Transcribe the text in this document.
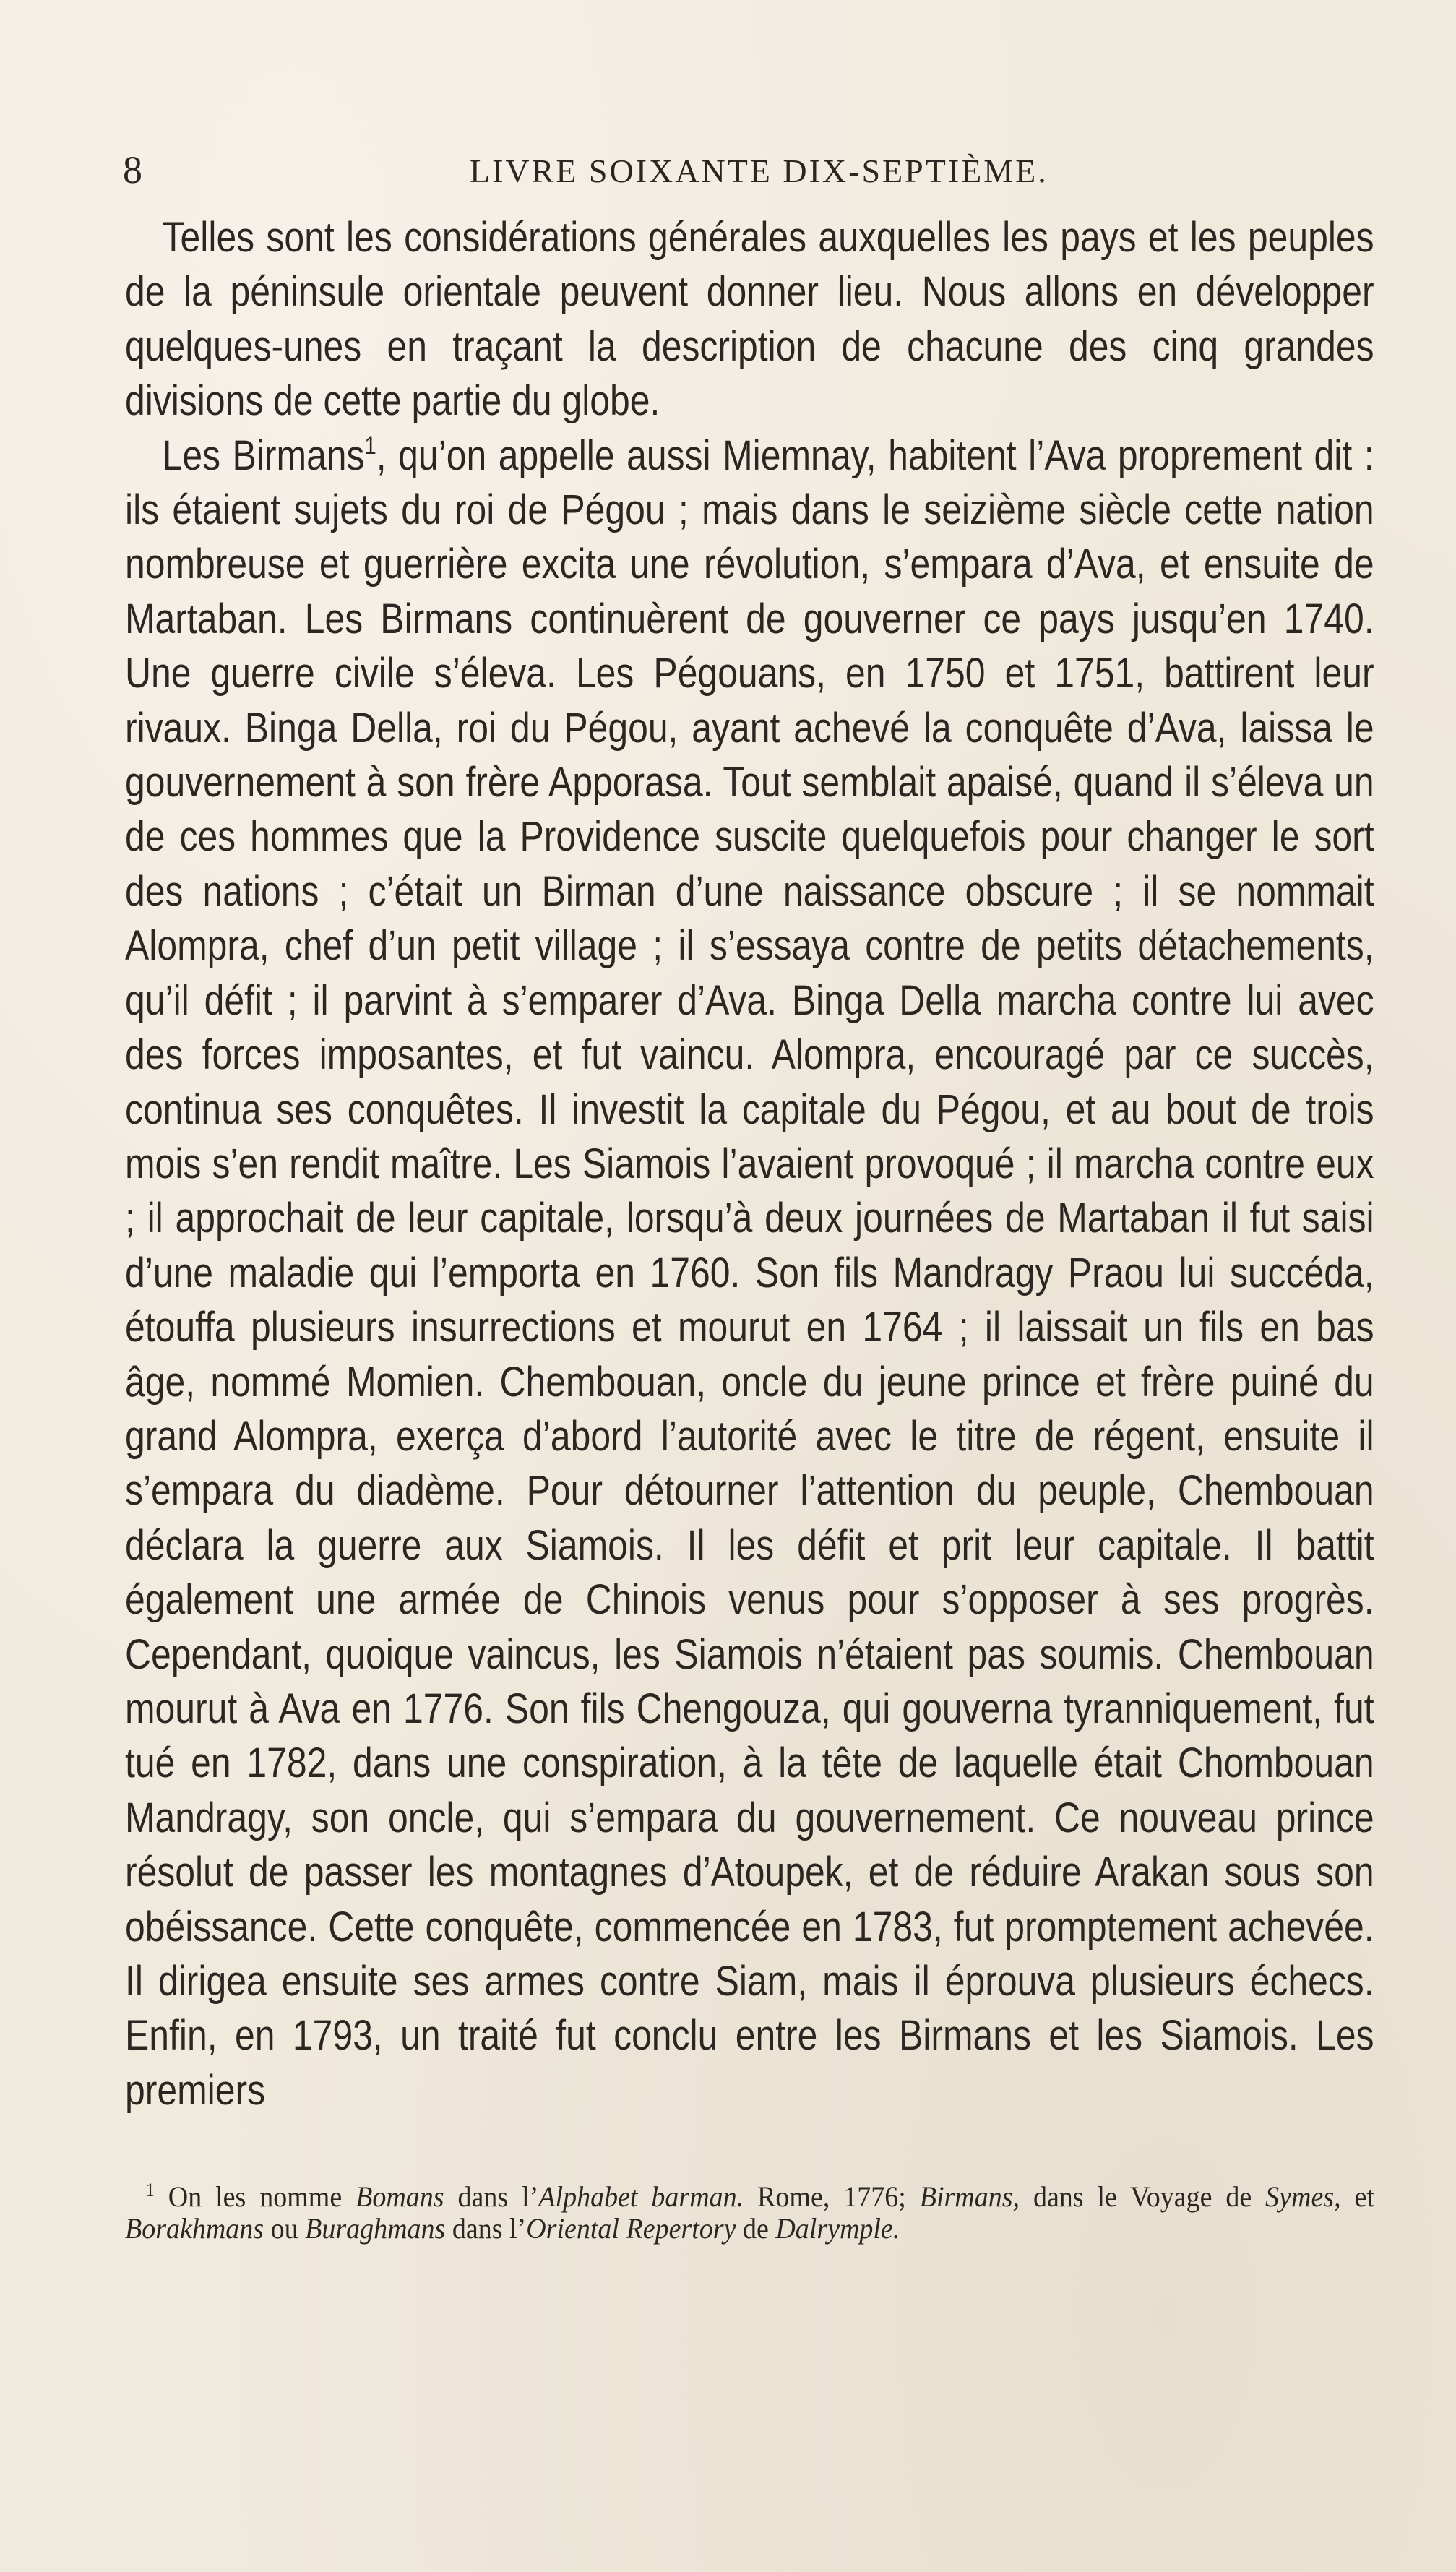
8	LIVRE SOIXANTE DIX-SEPTIÈME.

Telles sont les considérations générales auxquelles les pays et les peuples de la péninsule orientale peuvent donner lieu. Nous allons en développer quelques-unes en traçant la description de chacune des cinq grandes divisions de cette partie du globe.

Les Birmans$^1$, qu’on appelle aussi Miemnay, habitent l’Ava proprement dit : ils étaient sujets du roi de Pégou ; mais dans le seizième siècle cette nation nombreuse et guerrière excita une révolution, s’empara d’Ava, et ensuite de Martaban. Les Birmans continuèrent de gouverner ce pays jusqu’en 1740. Une guerre civile s’éleva. Les Pégouans, en 1750 et 1751, battirent leur rivaux. Binga Della, roi du Pégou, ayant achevé la conquête d’Ava, laissa le gouvernement à son frère Apporasa. Tout semblait apaisé, quand il s’éleva un de ces hommes que la Providence suscite quelquefois pour changer le sort des nations ; c’était un Birman d’une naissance obscure ; il se nommait Alompra, chef d’un petit village ; il s’essaya contre de petits détachements, qu’il défit ; il parvint à s’emparer d’Ava. Binga Della marcha contre lui avec des forces imposantes, et fut vaincu. Alompra, encouragé par ce succès, continua ses conquêtes. Il investit la capitale du Pégou, et au bout de trois mois s’en rendit maître. Les Siamois l’avaient provoqué ; il marcha contre eux ; il approchait de leur capitale, lorsqu’à deux journées de Martaban il fut saisi d’une maladie qui l’emporta en 1760. Son fils Mandragy Praou lui succéda, étouffa plusieurs insurrections et mourut en 1764 ; il laissait un fils en bas âge, nommé Momien. Chembouan, oncle du jeune prince et frère puiné du grand Alompra, exerça d’abord l’autorité avec le titre de régent, ensuite il s’empara du diadème. Pour détourner l’attention du peuple, Chembouan déclara la guerre aux Siamois. Il les défit et prit leur capitale. Il battit également une armée de Chinois venus pour s’opposer à ses progrès. Cependant, quoique vaincus, les Siamois n’étaient pas soumis. Chembouan mourut à Ava en 1776. Son fils Chengouza, qui gouverna tyranniquement, fut tué en 1782, dans une conspiration, à la tête de laquelle était Chombouan Mandragy, son oncle, qui s’empara du gouvernement. Ce nouveau prince résolut de passer les montagnes d’Atoupek, et de réduire Arakan sous son obéissance. Cette conquête, commencée en 1783, fut promptement achevée. Il dirigea ensuite ses armes contre Siam, mais il éprouva plusieurs échecs. Enfin, en 1793, un traité fut conclu entre les Birmans et les Siamois. Les premiers

$^1$ On les nomme Bomans dans l’Alphabet barman. Rome, 1776; Birmans, dans le Voyage de Symes, et Borakhmans ou Buraghmans dans l’Oriental Repertory de Dalrymple.
